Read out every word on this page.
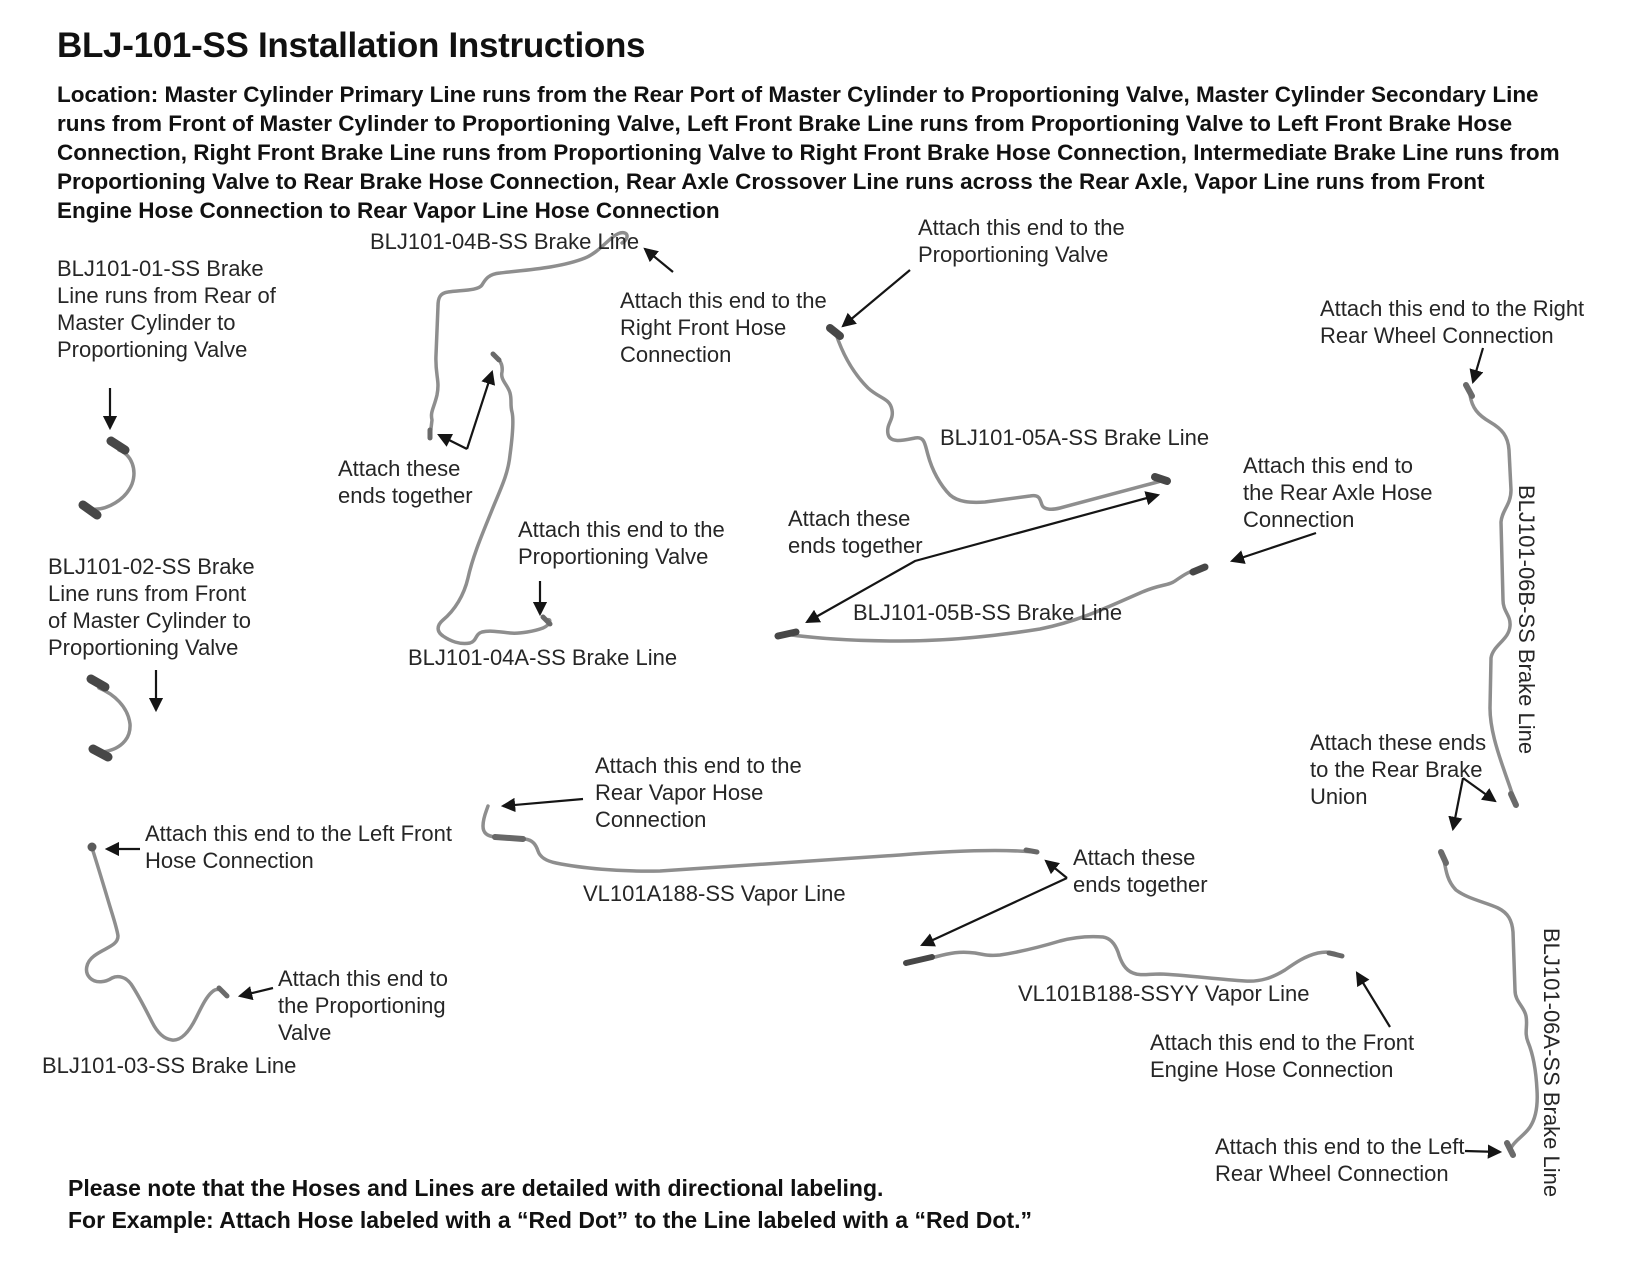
BLJ-101-SS Installation Instructions

Location: Master Cylinder Primary Line runs from the Rear Port of Master Cylinder to Proportioning Valve, Master Cylinder Secondary Line runs from Front of Master Cylinder to Proportioning Valve, Left Front Brake Line runs from Proportioning Valve to Left Front Brake Hose Connection, Right Front Brake Line runs from Proportioning Valve to Right Front Brake Hose Connection, Intermediate Brake Line runs from Proportioning Valve to Rear Brake Hose Connection, Rear Axle Crossover Line runs across the Rear Axle, Vapor Line runs from Front Engine Hose Connection to Rear Vapor Line Hose Connection

BLJ101-01-SS Brake Line runs from Rear of Master Cylinder to Proportioning Valve
BLJ101-02-SS Brake Line runs from Front of Master Cylinder to Proportioning Valve
BLJ101-04B-SS Brake Line
Attach this end to the Right Front Hose Connection
Attach these ends together
Attach this end to the Proportioning Valve
BLJ101-04A-SS Brake Line
Attach this end to the Proportioning Valve
BLJ101-05A-SS Brake Line
Attach these ends together
BLJ101-05B-SS Brake Line
Attach this end to the Right Rear Wheel Connection
Attach this end to the Rear Axle Hose Connection	BLJ101-06B-SS Brake Line
Attach these ends to the Rear Brake Union
Attach this end to the Rear Vapor Hose Connection
VL101A188-SS Vapor Line
Attach these ends together
VL101B188-SSYY Vapor Line
Attach this end to the Front Engine Hose Connection
Attach this end to the Left Rear Wheel Connection	BLJ101-06A-SS Brake Line
Attach this end to the Left Front Hose Connection
Attach this end to the Proportioning Valve
BLJ101-03-SS Brake Line
Please note that the Hoses and Lines are detailed with directional labeling.
For Example: Attach Hose labeled with a “Red Dot” to the Line labeled with a “Red Dot.”
